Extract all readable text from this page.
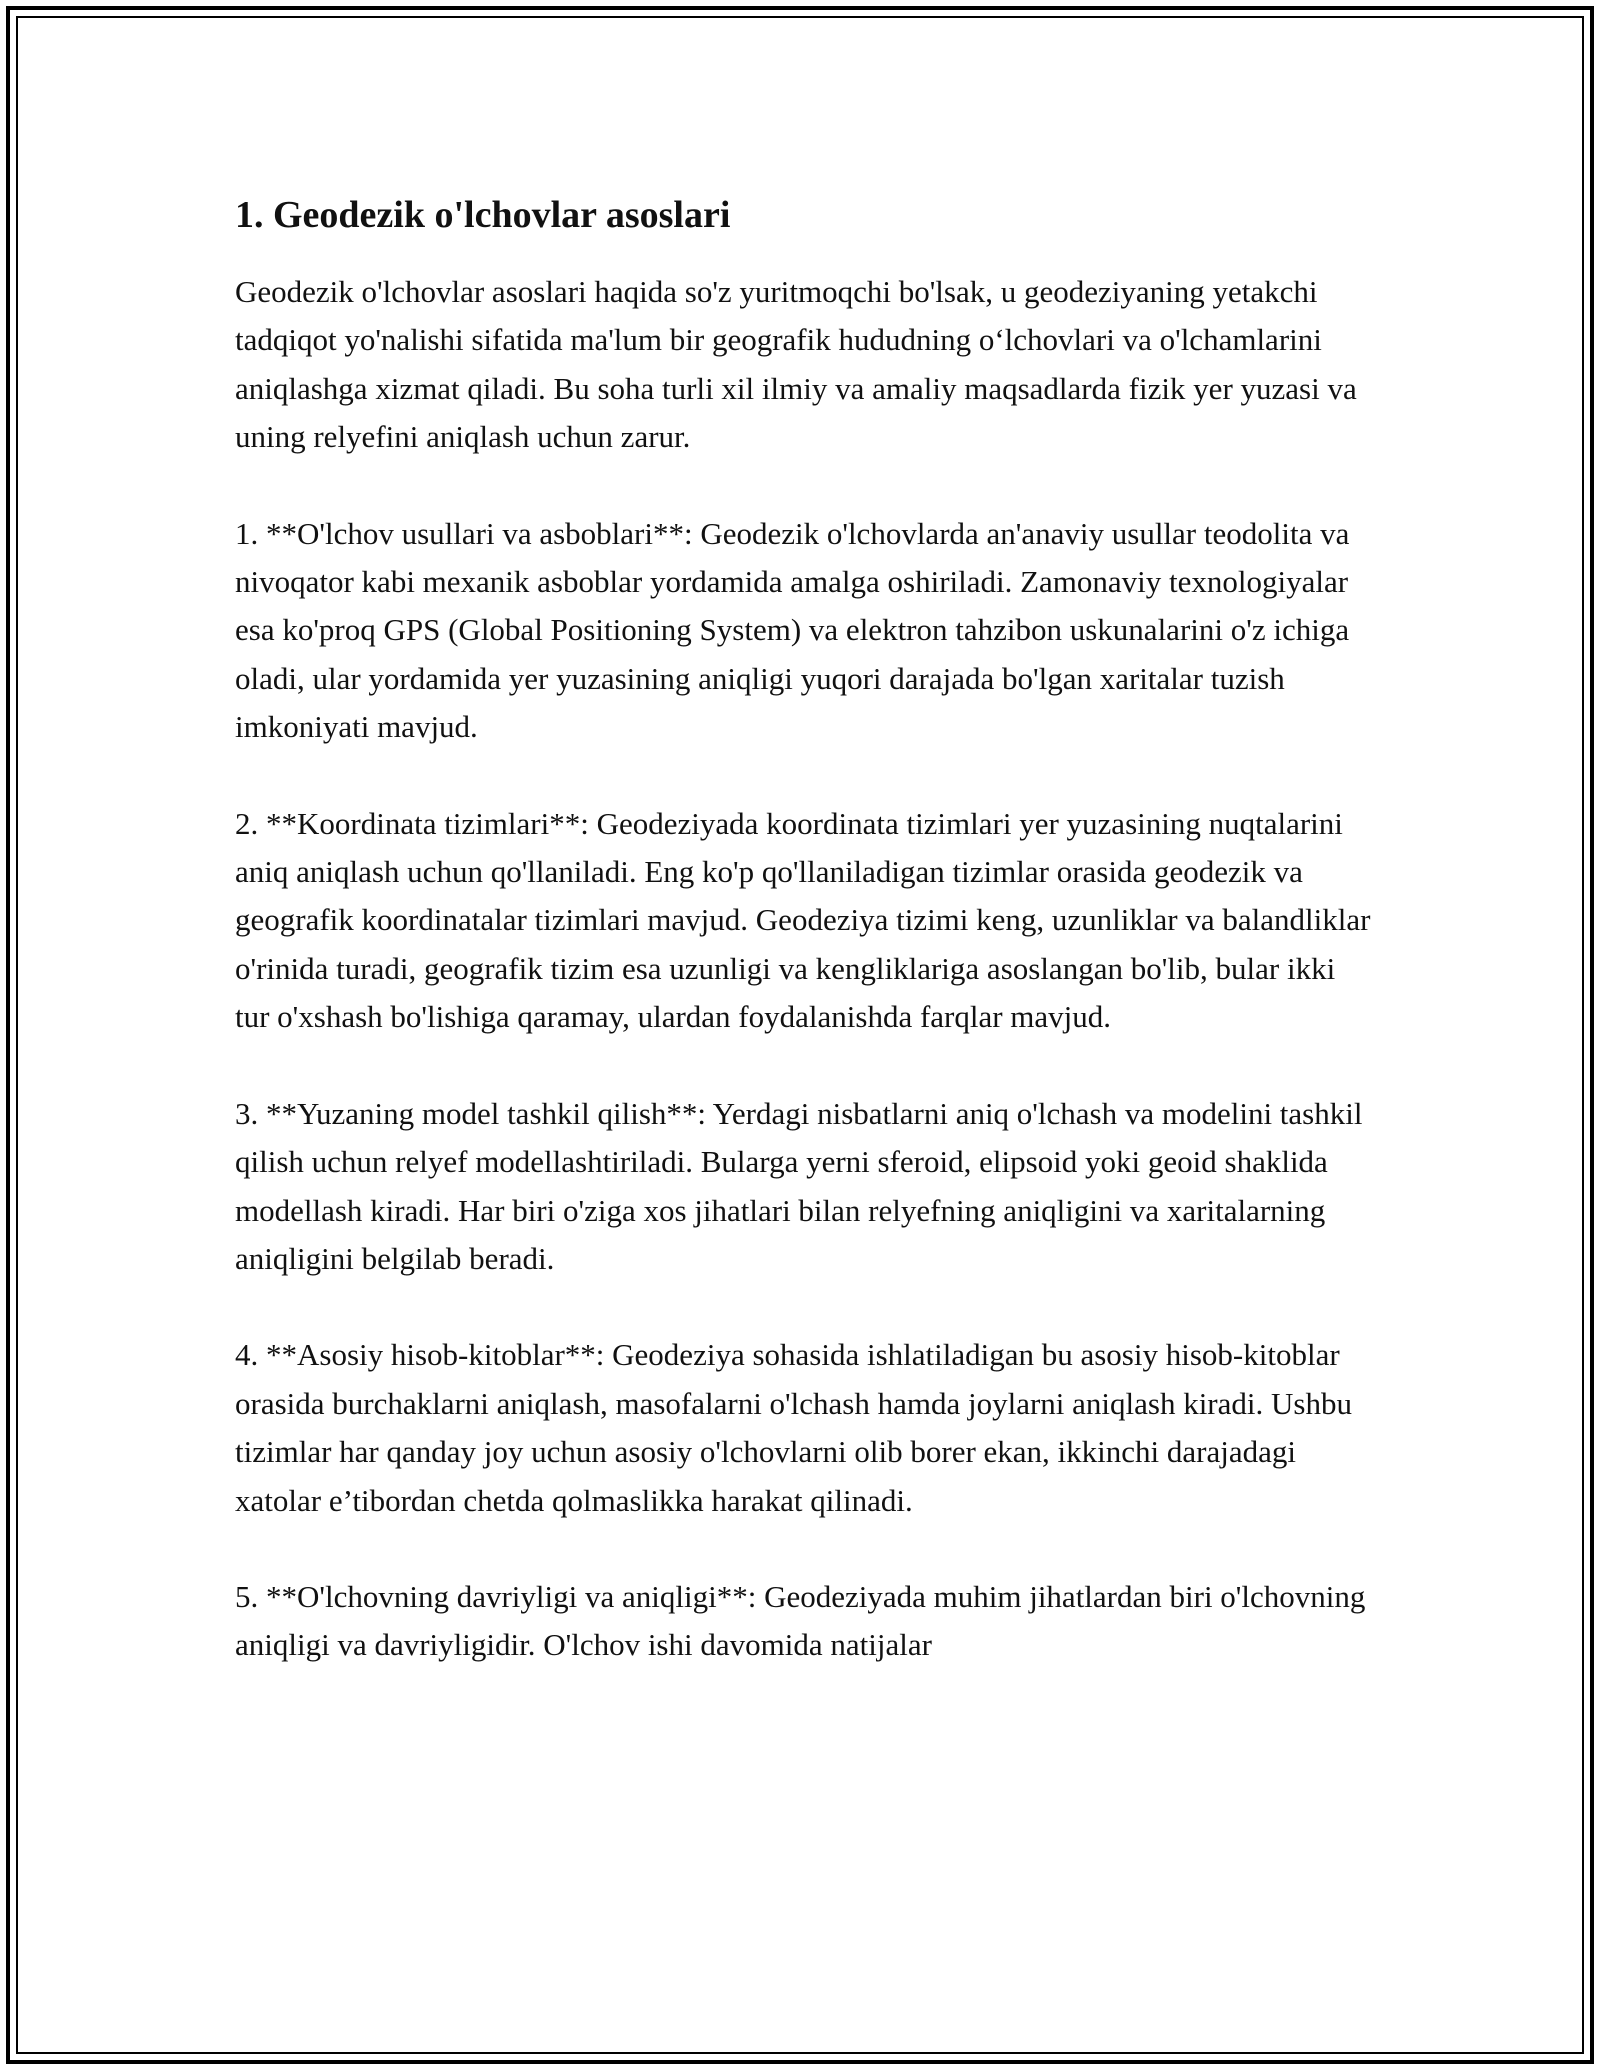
1. Geodezik o'lchovlar asoslari

Geodezik o'lchovlar asoslari haqida so'z yuritmoqchi bo'lsak, u geodeziyaning yetakchi tadqiqot yo'nalishi sifatida ma'lum bir geografik hududning o‘lchovlari va o'lchamlarini aniqlashga xizmat qiladi. Bu soha turli xil ilmiy va amaliy maqsadlarda fizik yer yuzasi va uning relyefini aniqlash uchun zarur.

1. **O'lchov usullari va asboblari**: Geodezik o'lchovlarda an'anaviy usullar teodolita va nivoqator kabi mexanik asboblar yordamida amalga oshiriladi. Zamonaviy texnologiyalar esa ko'proq GPS (Global Positioning System) va elektron tahzibon uskunalarini o'z ichiga oladi, ular yordamida yer yuzasining aniqligi yuqori darajada bo'lgan xaritalar tuzish imkoniyati mavjud.

2. **Koordinata tizimlari**: Geodeziyada koordinata tizimlari yer yuzasining nuqtalarini aniq aniqlash uchun qo'llaniladi. Eng ko'p qo'llaniladigan tizimlar orasida geodezik va geografik koordinatalar tizimlari mavjud. Geodeziya tizimi keng, uzunliklar va balandliklar o'rinida turadi, geografik tizim esa uzunligi va kengliklariga asoslangan bo'lib, bular ikki tur o'xshash bo'lishiga qaramay, ulardan foydalanishda farqlar mavjud.

3. **Yuzaning model tashkil qilish**: Yerdagi nisbatlarni aniq o'lchash va modelini tashkil qilish uchun relyef modellashtiriladi. Bularga yerni sferoid, elipsoid yoki geoid shaklida modellash kiradi. Har biri o'ziga xos jihatlari bilan relyefning aniqligini va xaritalarning aniqligini belgilab beradi.

4. **Asosiy hisob-kitoblar**: Geodeziya sohasida ishlatiladigan bu asosiy hisob-kitoblar orasida burchaklarni aniqlash, masofalarni o'lchash hamda joylarni aniqlash kiradi. Ushbu tizimlar har qanday joy uchun asosiy o'lchovlarni olib borer ekan, ikkinchi darajadagi xatolar e’tibordan chetda qolmaslikka harakat qilinadi.

5. **O'lchovning davriyligi va aniqligi**: Geodeziyada muhim jihatlardan biri o'lchovning aniqligi va davriyligidir. O'lchov ishi davomida natijalar
